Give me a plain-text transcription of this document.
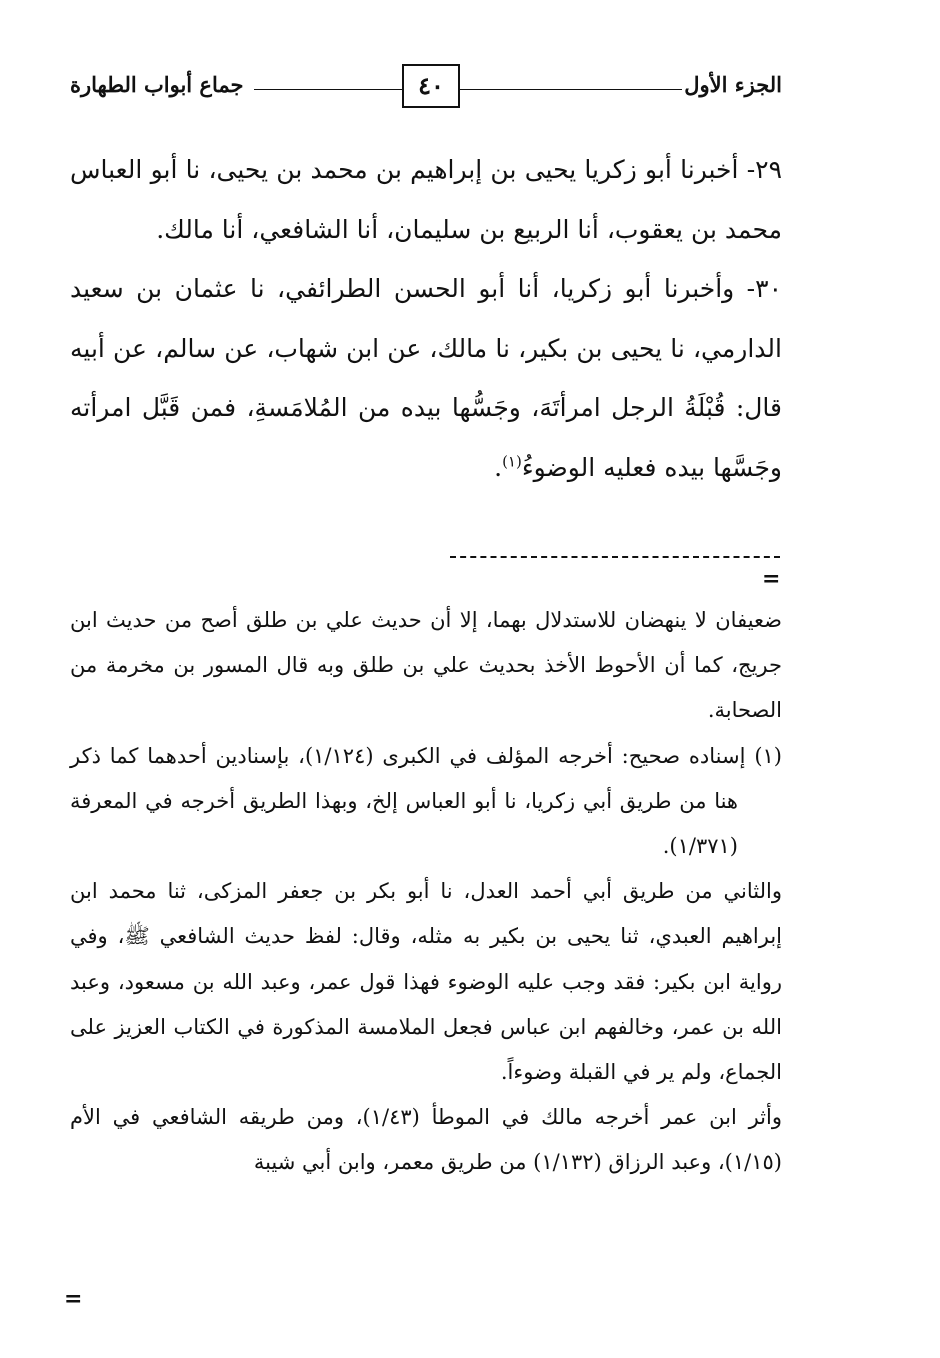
الجزء الأول
٤٠
جماع أبواب الطهارة

٢٩- أخبرنا أبو زكريا يحيى بن إبراهيم بن محمد بن يحيى، نا أبو العباس محمد بن يعقوب، أنا الربيع بن سليمان، أنا الشافعي، أنا مالك.

٣٠- وأخبرنا أبو زكريا، أنا أبو الحسن الطرائفي، نا عثمان بن سعيد الدارمي، نا يحيى بن بكير، نا مالك، عن ابن شهاب، عن سالم، عن أبيه قال: قُبْلَةُ الرجل امرأتَهَ، وجَسُّها بيده من المُلامَسةِ، فمن قَبَّل امرأته وجَسَّها بيده فعليه الوضوءُ$^{(١)}$.

=

ضعيفان لا ينهضان للاستدلال بهما، إلا أن حديث علي بن طلق أصح من حديث ابن جريج، كما أن الأحوط الأخذ بحديث علي بن طلق وبه قال المسور بن مخرمة من الصحابة.

(١) إسناده صحيح: أخرجه المؤلف في الكبرى (١/١٢٤)، بإسنادين أحدهما كما ذكر هنا من طريق أبي زكريا، نا أبو العباس إلخ، وبهذا الطريق أخرجه في المعرفة (١/٣٧١).

والثاني من طريق أبي أحمد العدل، نا أبو بكر بن جعفر المزكى، ثنا محمد ابن إبراهيم العبدي، ثنا يحيى بن بكير به مثله، وقال: لفظ حديث الشافعي ﷺ، وفي رواية ابن بكير: فقد وجب عليه الوضوء فهذا قول عمر، وعبد الله بن مسعود، وعبد الله بن عمر، وخالفهم ابن عباس فجعل الملامسة المذكورة في الكتاب العزيز على الجماع، ولم ير في القبلة وضوءاً.

وأثر ابن عمر أخرجه مالك في الموطأ (١/٤٣)، ومن طريقه الشافعي في الأم (١/١٥)، وعبد الرزاق (١/١٣٢) من طريق معمر، وابن أبي شيبة

=
